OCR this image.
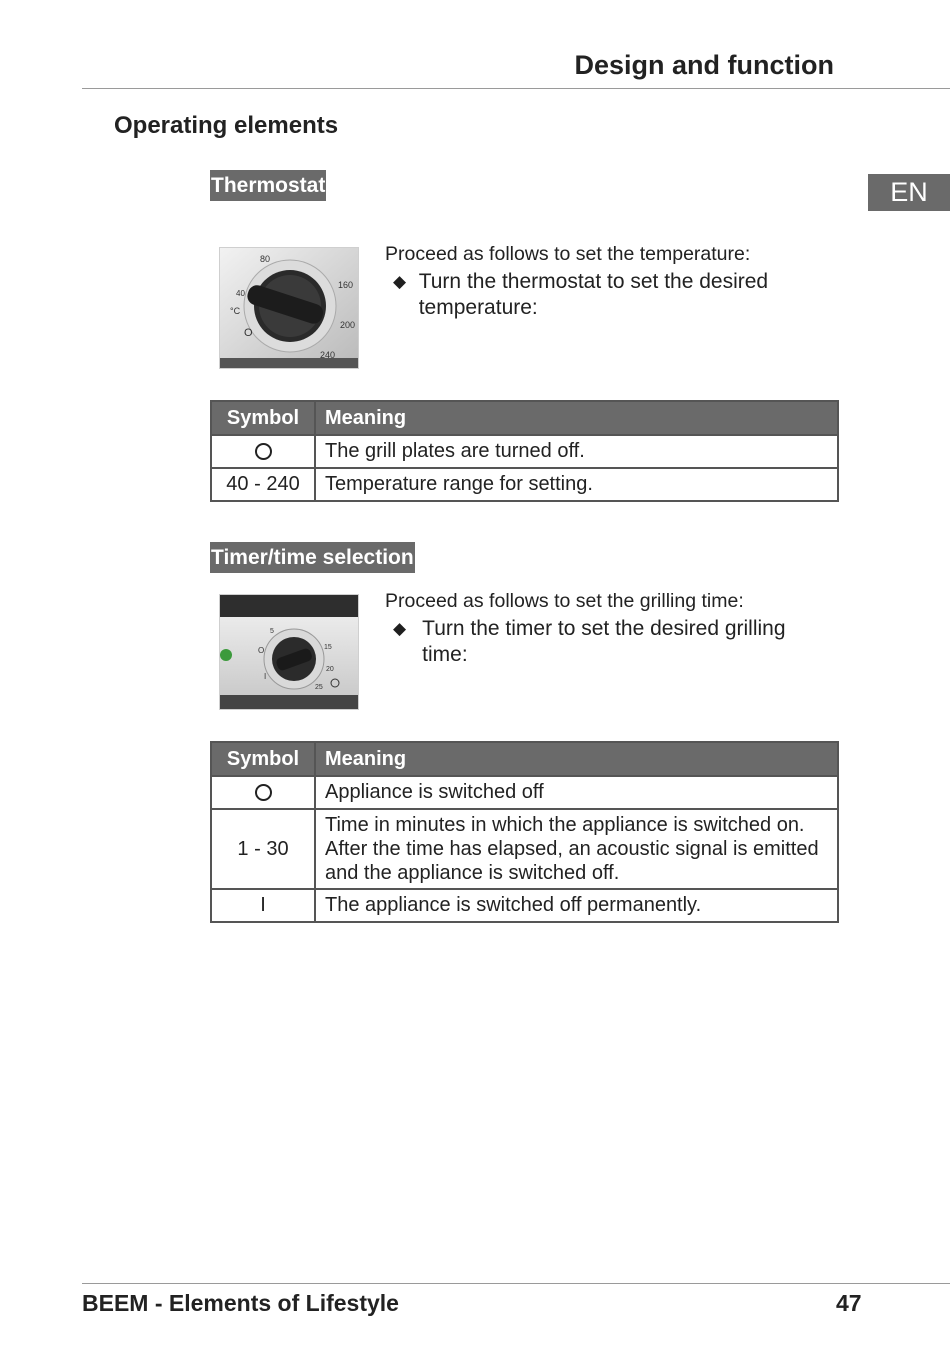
Design and function
Operating elements
EN
Thermostat
80
160
200
240
40
°C
O
Proceed as follows to set the temperature:
◆ Turn the thermostat to set the desired temperature:
Symbol	Meaning
	The grill plates are turned off.
40 - 240	Temperature range for setting.
Timer/time selection
5
15
20
25
O
I
Proceed as follows to set the grilling time:
◆ Turn the timer to set the desired grilling time:
Symbol	Meaning
	Appliance is switched off
1 - 30	Time in minutes in which the appliance is switched on. After the time has elapsed, an acoustic signal is emitted and the appliance is switched off.
I	The appliance is switched off permanently.
BEEM - Elements of Lifestyle	47
